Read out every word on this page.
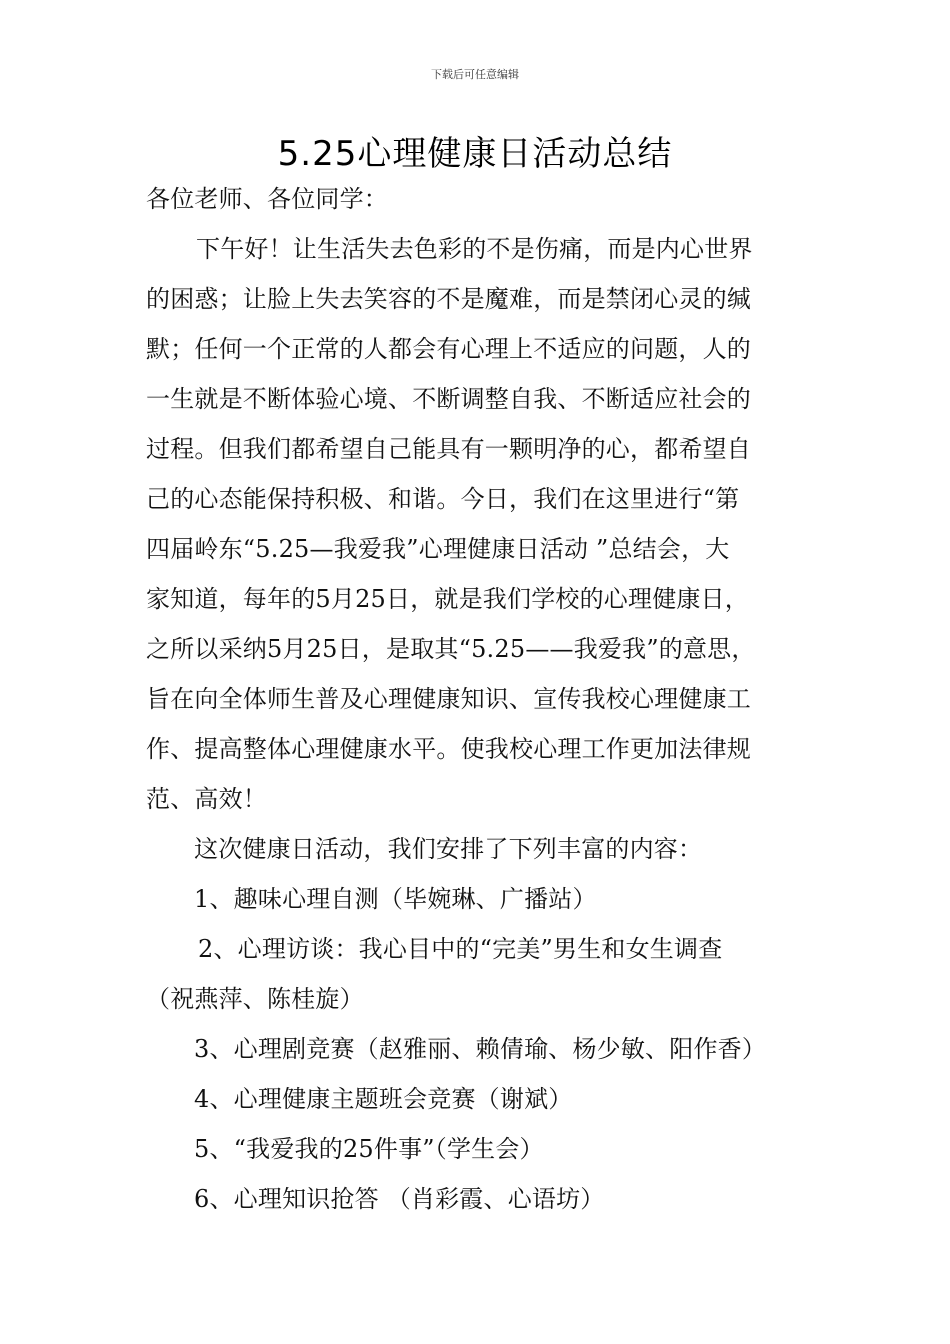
下载后可任意编辑
5.25心理健康日活动总结
各位老师、各位同学：
下午好！让生活失去色彩的不是伤痛，而是内心世界
的困惑；让脸上失去笑容的不是魔难，而是禁闭心灵的缄
默；任何一个正常的人都会有心理上不适应的问题，人的
一生就是不断体验心境、不断调整自我、不断适应社会的
过程。但我们都希望自己能具有一颗明净的心，都希望自
己的心态能保持积极、和谐。今日，我们在这里进行“第
四届岭东“5.25—我爱我”心理健康日活动 ”总结会，大
家知道，每年的5月25日，就是我们学校的心理健康日，
之所以采纳5月25日，是取其“5.25——我爱我”的意思，
旨在向全体师生普及心理健康知识、宣传我校心理健康工
作、提高整体心理健康水平。使我校心理工作更加法律规
范、高效！
这次健康日活动，我们安排了下列丰富的内容：
1、趣味心理自测（毕婉琳、广播站）
2、心理访谈：我心目中的“完美”男生和女生调查
（祝燕萍、陈桂旋）
3、心理剧竞赛（赵雅丽、赖倩瑜、杨少敏、阳作香）
4、心理健康主题班会竞赛（谢斌）
5、“我爱我的25件事”（学生会）
6、心理知识抢答 （肖彩霞、心语坊）
